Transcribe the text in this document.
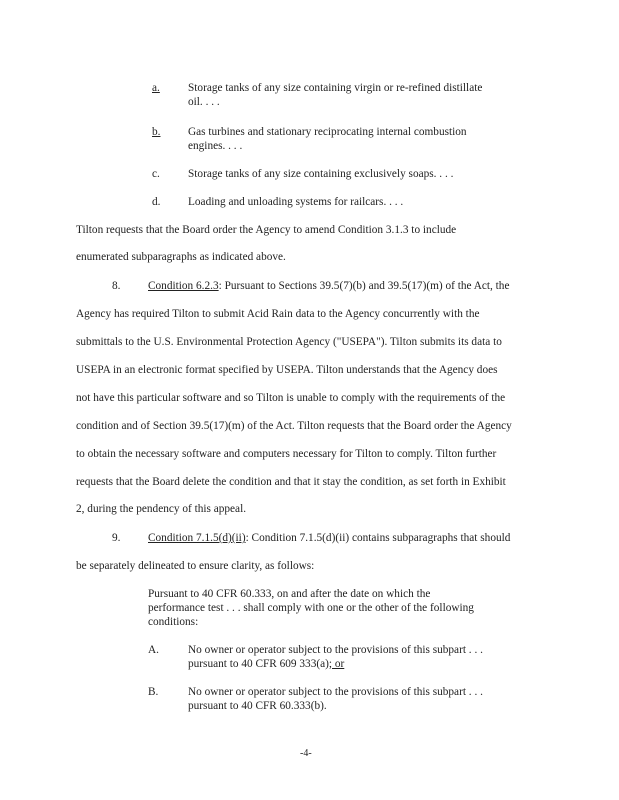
a. Storage tanks of any size containing virgin or re-refined distillate
oil. . . .
b. Gas turbines and stationary reciprocating internal combustion
engines. . . .
c. Storage tanks of any size containing exclusively soaps. . . .
d. Loading and unloading systems for railcars. . . .
Tilton requests that the Board order the Agency to amend Condition 3.1.3 to include
enumerated subparagraphs as indicated above.
8. Condition 6.2.3: Pursuant to Sections 39.5(7)(b) and 39.5(17)(m) of the Act, the
Agency has required Tilton to submit Acid Rain data to the Agency concurrently with the
submittals to the U.S. Environmental Protection Agency ("USEPA"). Tilton submits its data to
USEPA in an electronic format specified by USEPA. Tilton understands that the Agency does
not have this particular software and so Tilton is unable to comply with the requirements of the
condition and of Section 39.5(17)(m) of the Act. Tilton requests that the Board order the Agency
to obtain the necessary software and computers necessary for Tilton to comply. Tilton further
requests that the Board delete the condition and that it stay the condition, as set forth in Exhibit
2, during the pendency of this appeal.
9. Condition 7.1.5(d)(ii): Condition 7.1.5(d)(ii) contains subparagraphs that should
be separately delineated to ensure clarity, as follows:
Pursuant to 40 CFR 60.333, on and after the date on which the
performance test . . . shall comply with one or the other of the following
conditions:
A.	No owner or operator subject to the provisions of this subpart . . .
pursuant to 40 CFR 609 333(a); or
B.	No owner or operator subject to the provisions of this subpart . . .
pursuant to 40 CFR 60.333(b).
-4-
